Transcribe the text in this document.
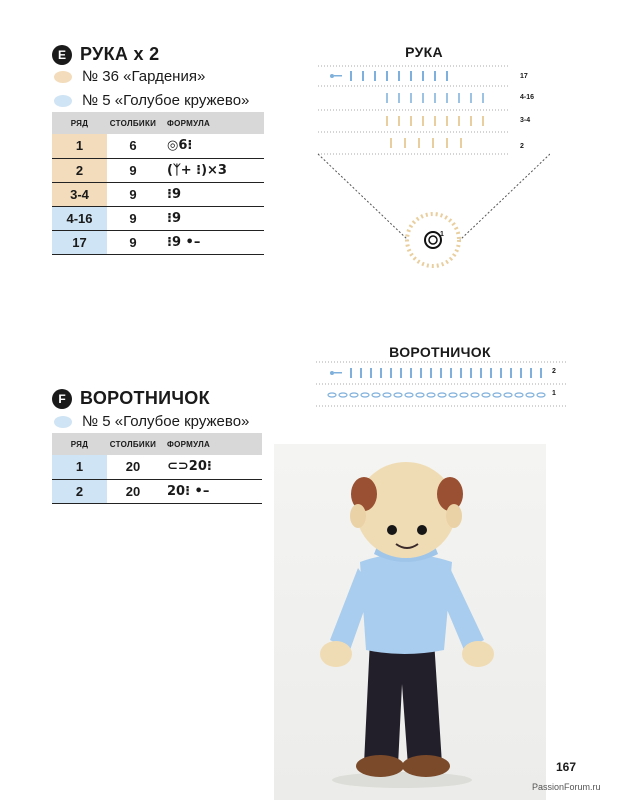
E РУКА х 2
№ 36 «Гардения»
№ 5 «Голубое кружево»
РЯД	СТОЛБИКИ	ФОРМУЛА
1	6	◎6⁝
2	9	(ᛉ+ ⁝)×3
3-4	9	⁝9
4-16	9	⁝9
17	9	⁝9 •–
РУКА
17
4-16
3-4
2
1
ВОРОТНИЧОК
2
1
F ВОРОТНИЧОК
№ 5 «Голубое кружево»
РЯД	СТОЛБИКИ	ФОРМУЛА
1	20	⊂⊃20⁝
2	20	20⁝ •–
167
PassionForum.ru
